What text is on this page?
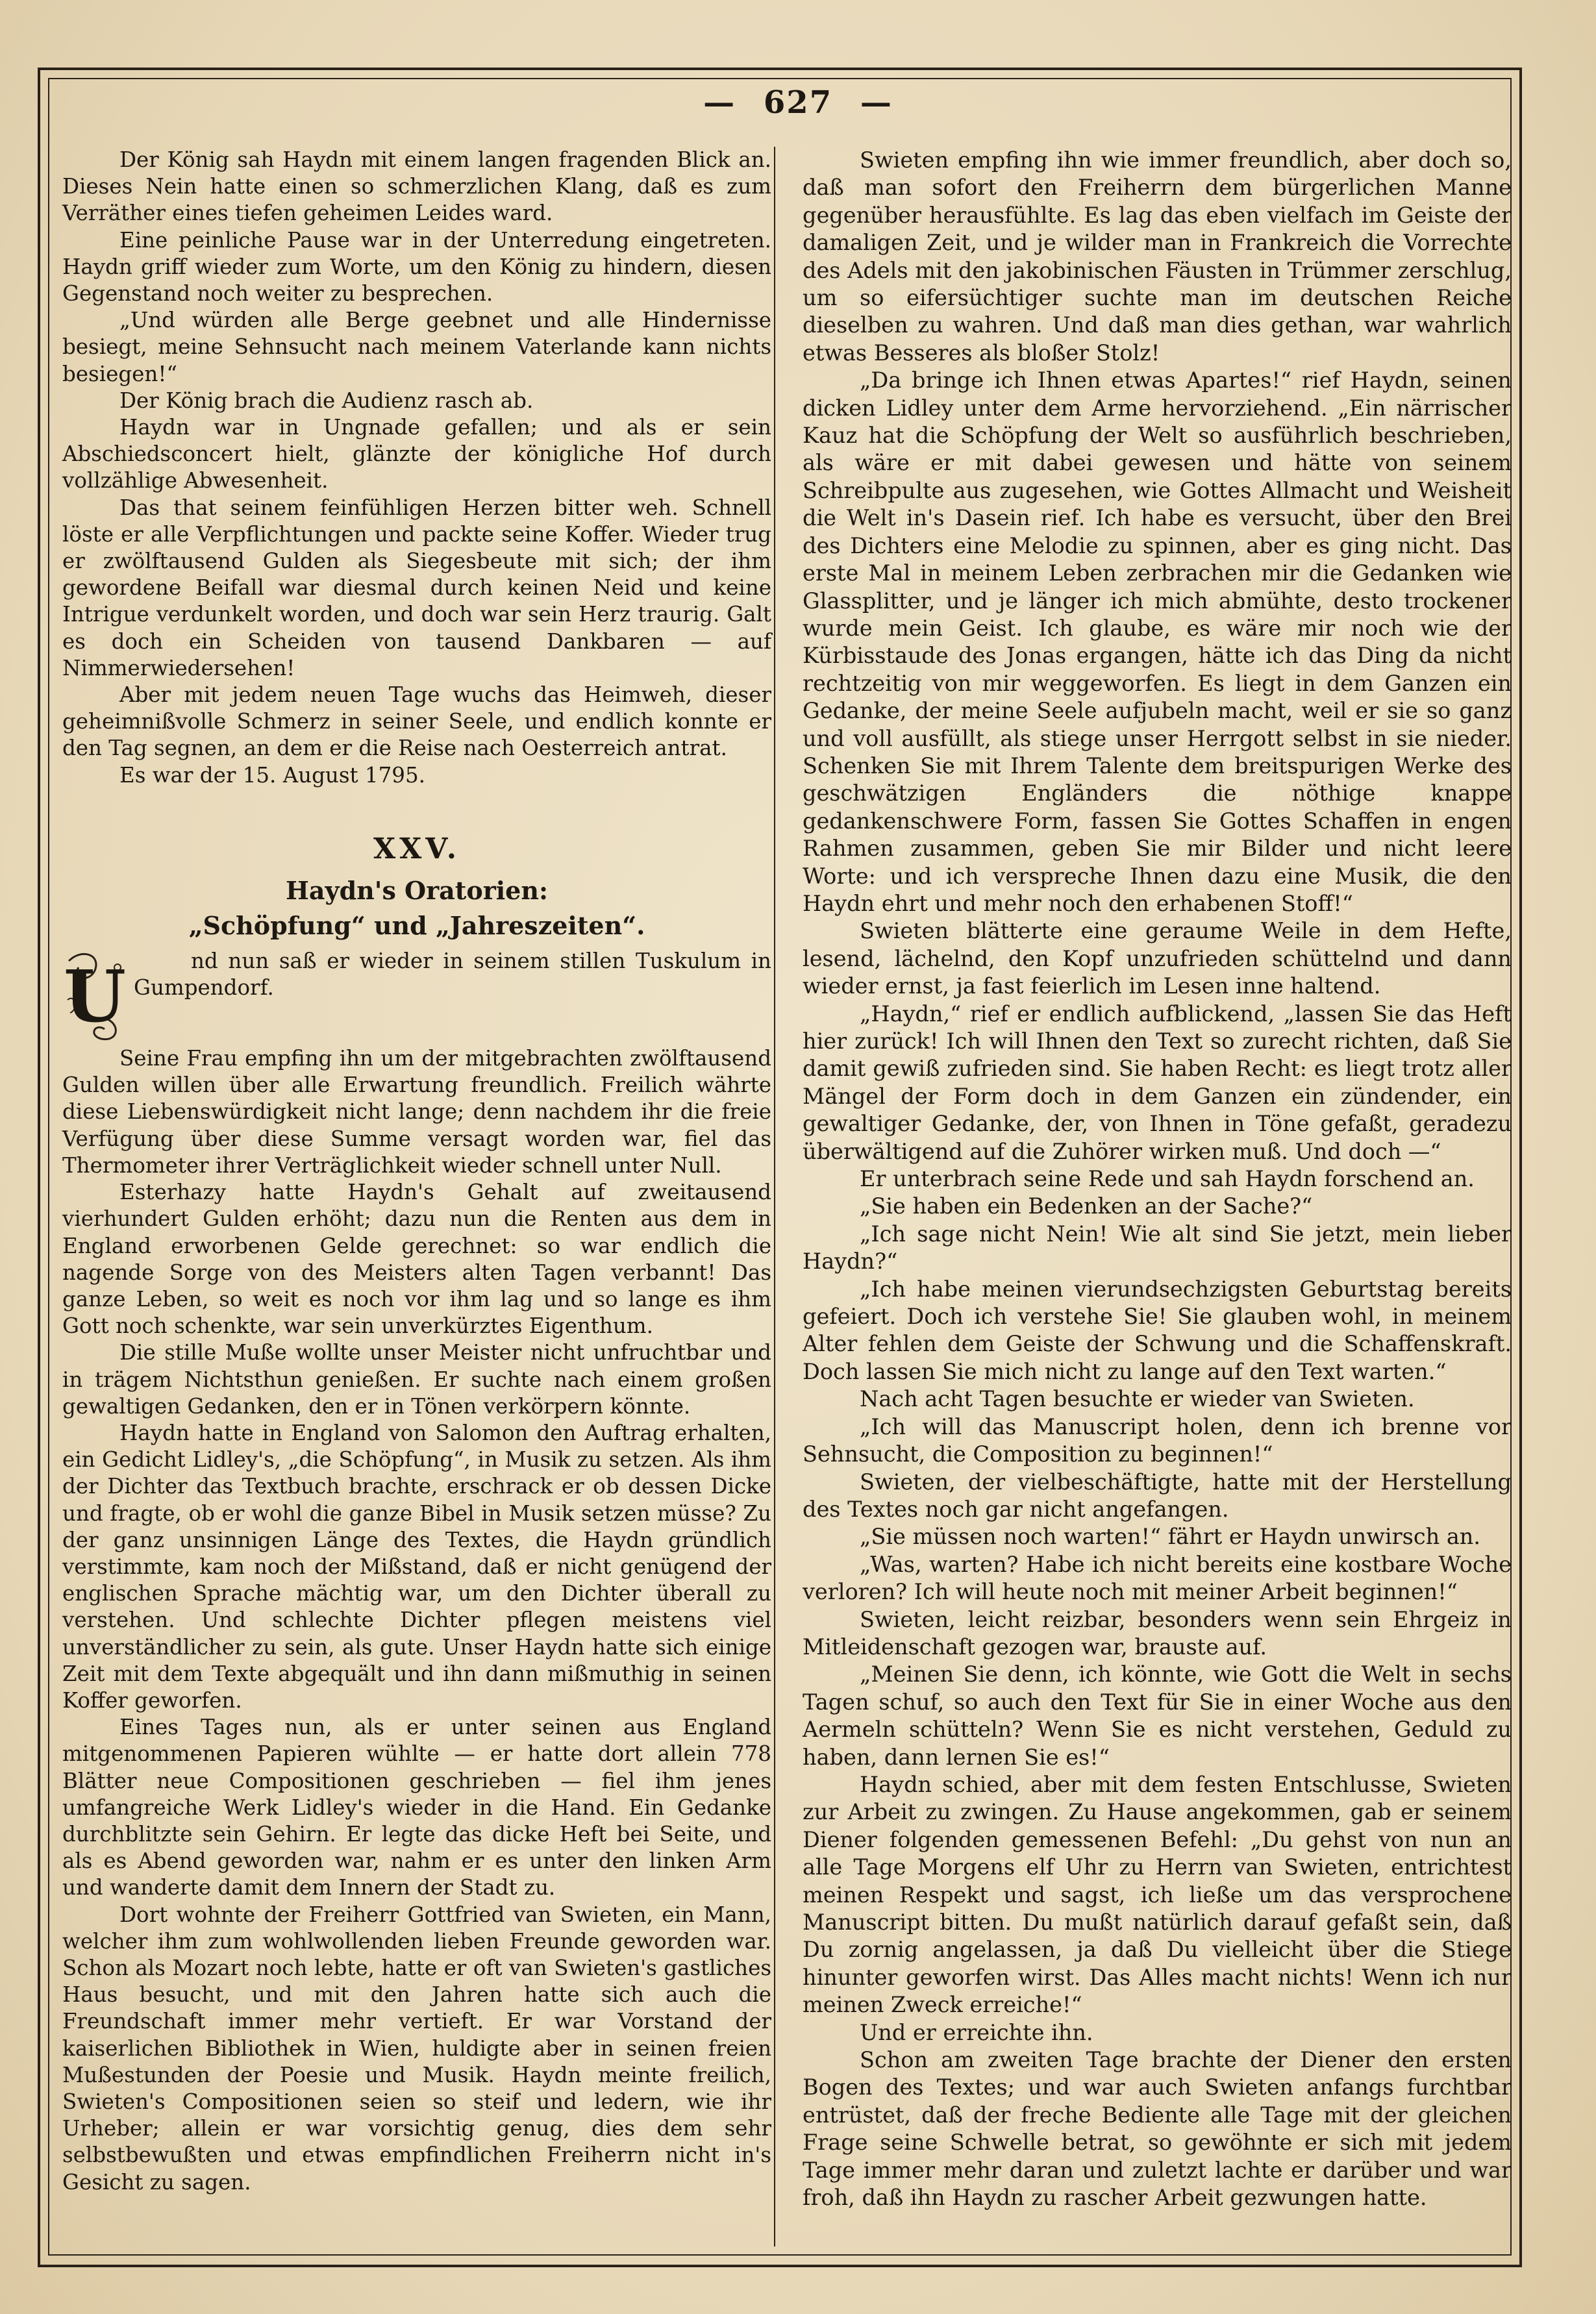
— 627 —

Der König sah Haydn mit einem langen fragenden Blick an. Dieses Nein hatte einen so schmerzlichen Klang, daß es zum Verräther eines tiefen geheimen Leides ward.

Eine peinliche Pause war in der Unterredung eingetreten. Haydn griff wieder zum Worte, um den König zu hindern, diesen Gegenstand noch weiter zu besprechen.

„Und würden alle Berge geebnet und alle Hindernisse besiegt, meine Sehnsucht nach meinem Vaterlande kann nichts besiegen!“

Der König brach die Audienz rasch ab.

Haydn war in Ungnade gefallen; und als er sein Abschiedsconcert hielt, glänzte der königliche Hof durch vollzählige Abwesenheit.

Das that seinem feinfühligen Herzen bitter weh. Schnell löste er alle Verpflichtungen und packte seine Koffer. Wieder trug er zwölftausend Gulden als Siegesbeute mit sich; der ihm gewordene Beifall war diesmal durch keinen Neid und keine Intrigue verdunkelt worden, und doch war sein Herz traurig. Galt es doch ein Scheiden von tausend Dankbaren — auf Nimmerwiedersehen!

Aber mit jedem neuen Tage wuchs das Heimweh, dieser geheimnißvolle Schmerz in seiner Seele, und endlich konnte er den Tag segnen, an dem er die Reise nach Oesterreich antrat.

Es war der 15. August 1795.

XXV.
Haydn's Oratorien:
„Schöpfung“ und „Jahreszeiten“.
U	nd nun saß er wieder in seinem stillen Tuskulum in Gumpendorf.

Seine Frau empfing ihn um der mitgebrachten zwölftausend Gulden willen über alle Erwartung freundlich. Freilich währte diese Liebenswürdigkeit nicht lange; denn nachdem ihr die freie Verfügung über diese Summe versagt worden war, fiel das Thermometer ihrer Verträglichkeit wieder schnell unter Null.

Esterhazy hatte Haydn's Gehalt auf zweitausend vierhundert Gulden erhöht; dazu nun die Renten aus dem in England erworbenen Gelde gerechnet: so war endlich die nagende Sorge von des Meisters alten Tagen verbannt! Das ganze Leben, so weit es noch vor ihm lag und so lange es ihm Gott noch schenkte, war sein unverkürztes Eigenthum.

Die stille Muße wollte unser Meister nicht unfruchtbar und in trägem Nichtsthun genießen. Er suchte nach einem großen gewaltigen Gedanken, den er in Tönen verkörpern könnte.

Haydn hatte in England von Salomon den Auftrag erhalten, ein Gedicht Lidley's, „die Schöpfung“, in Musik zu setzen. Als ihm der Dichter das Textbuch brachte, erschrack er ob dessen Dicke und fragte, ob er wohl die ganze Bibel in Musik setzen müsse? Zu der ganz unsinnigen Länge des Textes, die Haydn gründlich verstimmte, kam noch der Mißstand, daß er nicht genügend der englischen Sprache mächtig war, um den Dichter überall zu verstehen. Und schlechte Dichter pflegen meistens viel unverständlicher zu sein, als gute. Unser Haydn hatte sich einige Zeit mit dem Texte abgequält und ihn dann mißmuthig in seinen Koffer geworfen.

Eines Tages nun, als er unter seinen aus England mitgenommenen Papieren wühlte — er hatte dort allein 778 Blätter neue Compositionen geschrieben — fiel ihm jenes umfangreiche Werk Lidley's wieder in die Hand. Ein Gedanke durchblitzte sein Gehirn. Er legte das dicke Heft bei Seite, und als es Abend geworden war, nahm er es unter den linken Arm und wanderte damit dem Innern der Stadt zu.

Dort wohnte der Freiherr Gottfried van Swieten, ein Mann, welcher ihm zum wohlwollenden lieben Freunde geworden war. Schon als Mozart noch lebte, hatte er oft van Swieten's gastliches Haus besucht, und mit den Jahren hatte sich auch die Freundschaft immer mehr vertieft. Er war Vorstand der kaiserlichen Bibliothek in Wien, huldigte aber in seinen freien Mußestunden der Poesie und Musik. Haydn meinte freilich, Swieten's Compositionen seien so steif und ledern, wie ihr Urheber; allein er war vorsichtig genug, dies dem sehr selbstbewußten und etwas empfindlichen Freiherrn nicht in's Gesicht zu sagen.

Swieten empfing ihn wie immer freundlich, aber doch so, daß man sofort den Freiherrn dem bürgerlichen Manne gegenüber herausfühlte. Es lag das eben vielfach im Geiste der damaligen Zeit, und je wilder man in Frankreich die Vorrechte des Adels mit den jakobinischen Fäusten in Trümmer zerschlug, um so eifersüchtiger suchte man im deutschen Reiche dieselben zu wahren. Und daß man dies gethan, war wahrlich etwas Besseres als bloßer Stolz!

„Da bringe ich Ihnen etwas Apartes!“ rief Haydn, seinen dicken Lidley unter dem Arme hervorziehend. „Ein närrischer Kauz hat die Schöpfung der Welt so ausführlich beschrieben, als wäre er mit dabei gewesen und hätte von seinem Schreibpulte aus zugesehen, wie Gottes Allmacht und Weisheit die Welt in's Dasein rief. Ich habe es versucht, über den Brei des Dichters eine Melodie zu spinnen, aber es ging nicht. Das erste Mal in meinem Leben zerbrachen mir die Gedanken wie Glassplitter, und je länger ich mich abmühte, desto trockener wurde mein Geist. Ich glaube, es wäre mir noch wie der Kürbisstaude des Jonas ergangen, hätte ich das Ding da nicht rechtzeitig von mir weggeworfen. Es liegt in dem Ganzen ein Gedanke, der meine Seele aufjubeln macht, weil er sie so ganz und voll ausfüllt, als stiege unser Herrgott selbst in sie nieder. Schenken Sie mit Ihrem Talente dem breitspurigen Werke des geschwätzigen Engländers die nöthige knappe gedankenschwere Form, fassen Sie Gottes Schaffen in engen Rahmen zusammen, geben Sie mir Bilder und nicht leere Worte: und ich verspreche Ihnen dazu eine Musik, die den Haydn ehrt und mehr noch den erhabenen Stoff!“

Swieten blätterte eine geraume Weile in dem Hefte, lesend, lächelnd, den Kopf unzufrieden schüttelnd und dann wieder ernst, ja fast feierlich im Lesen inne haltend.

„Haydn,“ rief er endlich aufblickend, „lassen Sie das Heft hier zurück! Ich will Ihnen den Text so zurecht richten, daß Sie damit gewiß zufrieden sind. Sie haben Recht: es liegt trotz aller Mängel der Form doch in dem Ganzen ein zündender, ein gewaltiger Gedanke, der, von Ihnen in Töne gefaßt, geradezu überwältigend auf die Zuhörer wirken muß. Und doch —“

Er unterbrach seine Rede und sah Haydn forschend an.

„Sie haben ein Bedenken an der Sache?“

„Ich sage nicht Nein! Wie alt sind Sie jetzt, mein lieber Haydn?“

„Ich habe meinen vierundsechzigsten Geburtstag bereits gefeiert. Doch ich verstehe Sie! Sie glauben wohl, in meinem Alter fehlen dem Geiste der Schwung und die Schaffenskraft. Doch lassen Sie mich nicht zu lange auf den Text warten.“

Nach acht Tagen besuchte er wieder van Swieten.

„Ich will das Manuscript holen, denn ich brenne vor Sehnsucht, die Composition zu beginnen!“

Swieten, der vielbeschäftigte, hatte mit der Herstellung des Textes noch gar nicht angefangen.

„Sie müssen noch warten!“ fährt er Haydn unwirsch an.

„Was, warten? Habe ich nicht bereits eine kostbare Woche verloren? Ich will heute noch mit meiner Arbeit beginnen!“

Swieten, leicht reizbar, besonders wenn sein Ehrgeiz in Mitleidenschaft gezogen war, brauste auf.

„Meinen Sie denn, ich könnte, wie Gott die Welt in sechs Tagen schuf, so auch den Text für Sie in einer Woche aus den Aermeln schütteln? Wenn Sie es nicht verstehen, Geduld zu haben, dann lernen Sie es!“

Haydn schied, aber mit dem festen Entschlusse, Swieten zur Arbeit zu zwingen. Zu Hause angekommen, gab er seinem Diener folgenden gemessenen Befehl: „Du gehst von nun an alle Tage Morgens elf Uhr zu Herrn van Swieten, entrichtest meinen Respekt und sagst, ich ließe um das versprochene Manuscript bitten. Du mußt natürlich darauf gefaßt sein, daß Du zornig angelassen, ja daß Du vielleicht über die Stiege hinunter geworfen wirst. Das Alles macht nichts! Wenn ich nur meinen Zweck erreiche!“

Und er erreichte ihn.

Schon am zweiten Tage brachte der Diener den ersten Bogen des Textes; und war auch Swieten anfangs furchtbar entrüstet, daß der freche Bediente alle Tage mit der gleichen Frage seine Schwelle betrat, so gewöhnte er sich mit jedem Tage immer mehr daran und zuletzt lachte er darüber und war froh, daß ihn Haydn zu rascher Arbeit gezwungen hatte.
